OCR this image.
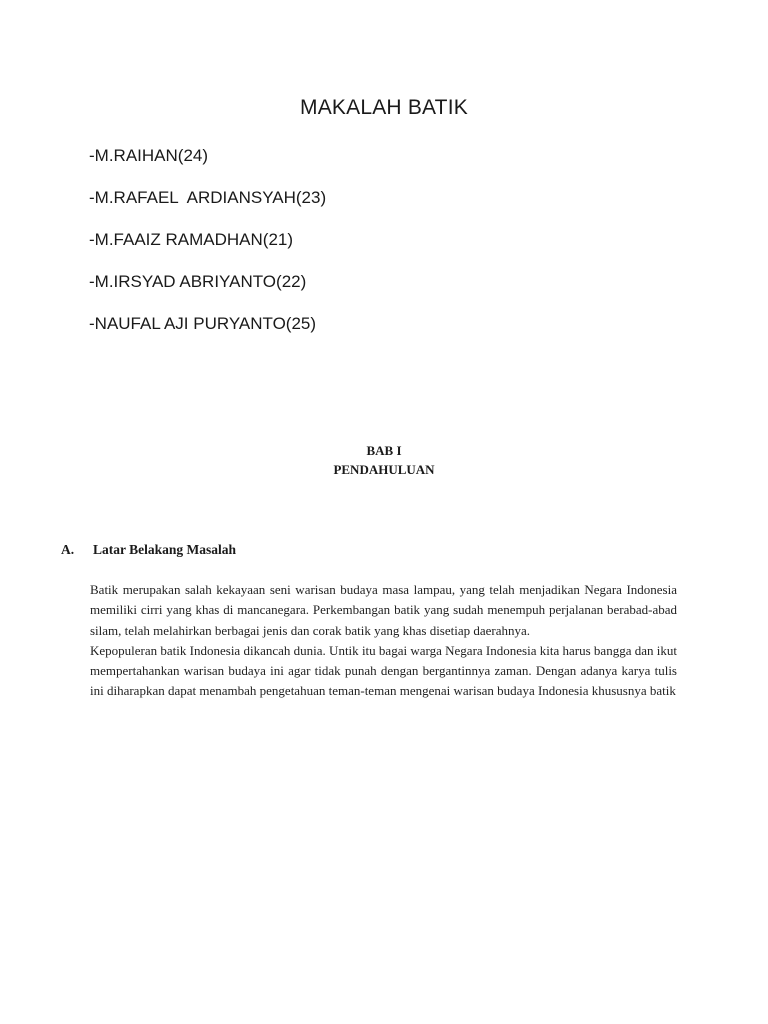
MAKALAH BATIK
-M.RAIHAN(24)
-M.RAFAEL  ARDIANSYAH(23)
-M.FAAIZ RAMADHAN(21)
-M.IRSYAD ABRIYANTO(22)
-NAUFAL AJI PURYANTO(25)
BAB I
PENDAHULUAN
A. Latar Belakang Masalah

Batik merupakan salah kekayaan seni warisan budaya masa lampau, yang telah menjadikan Negara Indonesia memiliki cirri yang khas di mancanegara. Perkembangan batik yang sudah menempuh perjalanan berabad-abad silam, telah melahirkan berbagai jenis dan corak batik yang khas disetiap daerahnya.

Kepopuleran batik Indonesia dikancah dunia. Untik itu bagai warga Negara Indonesia kita harus bangga dan ikut mempertahankan warisan budaya ini agar tidak punah dengan bergantinnya zaman. Dengan adanya karya tulis ini diharapkan dapat menambah pengetahuan teman-teman mengenai warisan budaya Indonesia khususnya batik
